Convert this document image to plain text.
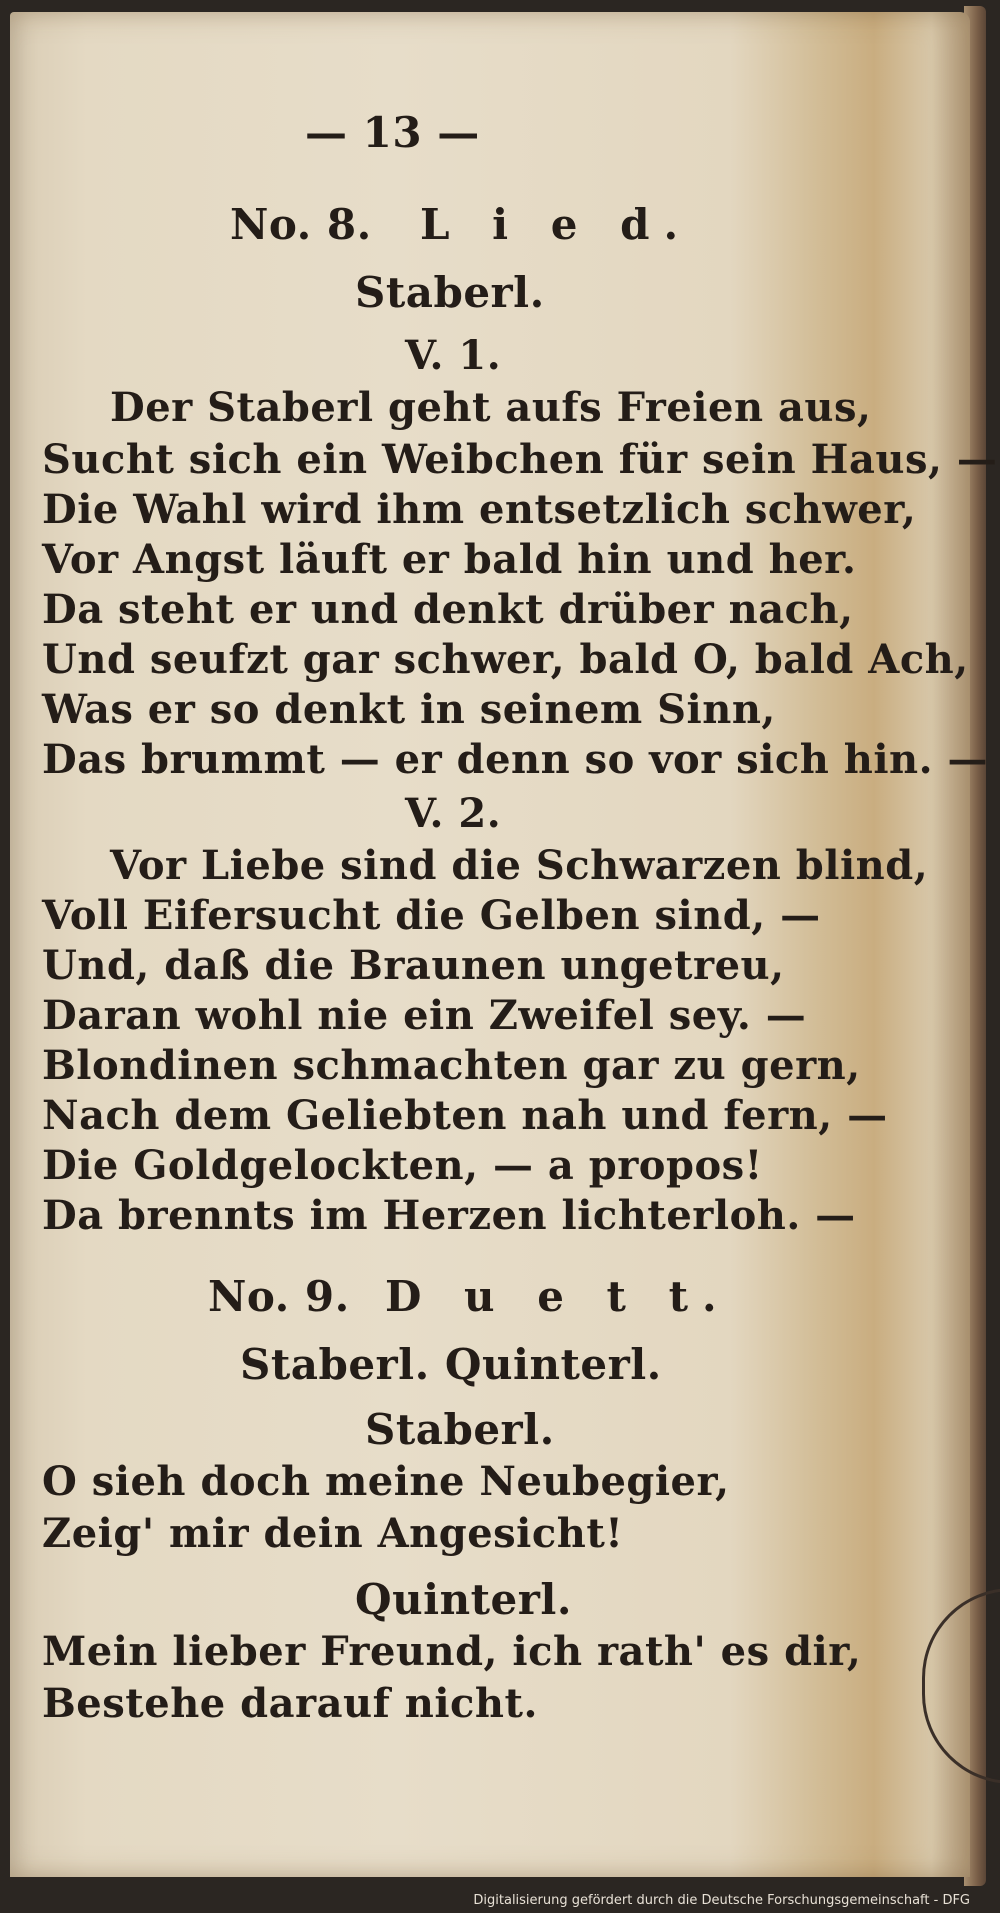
— 13 —
No. 8. L i e d.
Staberl.
V. 1.
Der Staberl geht aufs Freien aus,
Sucht sich ein Weibchen für sein Haus, —
Die Wahl wird ihm entsetzlich schwer,
Vor Angst läuft er bald hin und her.
Da steht er und denkt drüber nach,
Und seufzt gar schwer, bald O, bald Ach,
Was er so denkt in seinem Sinn,
Das brummt — er denn so vor sich hin. —
V. 2.
Vor Liebe sind die Schwarzen blind,
Voll Eifersucht die Gelben sind, —
Und, daß die Braunen ungetreu,
Daran wohl nie ein Zweifel sey. —
Blondinen schmachten gar zu gern,
Nach dem Geliebten nah und fern, —
Die Goldgelockten, — a propos!
Da brennts im Herzen lichterloh. —
No. 9. D u e t t.
Staberl. Quinterl.
Staberl.
O sieh doch meine Neubegier,
Zeig' mir dein Angesicht!
Quinterl.
Mein lieber Freund, ich rath' es dir,
Bestehe darauf nicht.
Digitalisierung gefördert durch die Deutsche Forschungsgemeinschaft - DFG
